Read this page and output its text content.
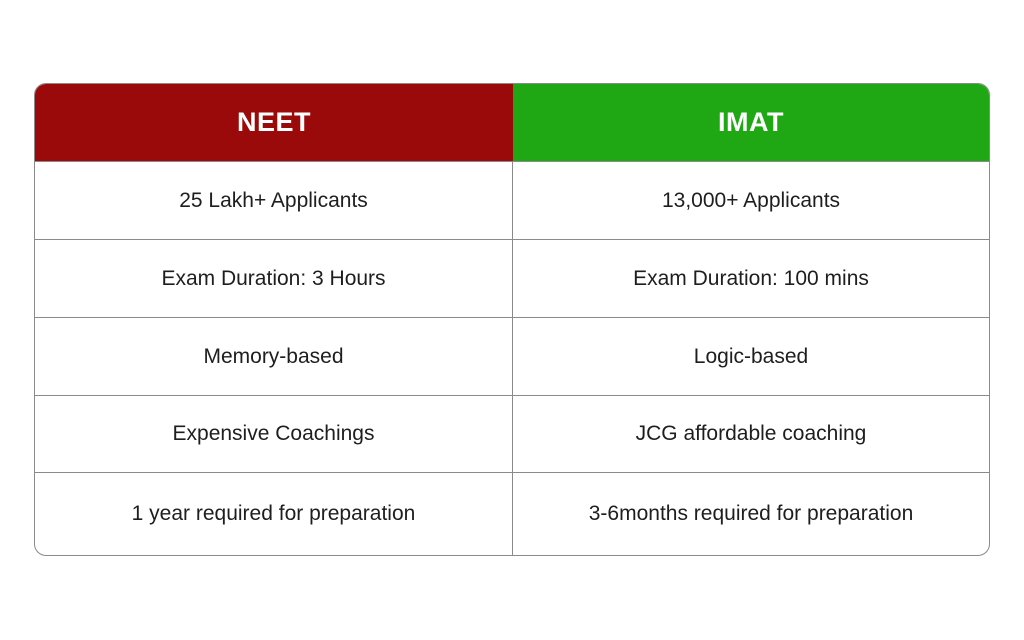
NEET	IMAT
25 Lakh+ Applicants	13,000+ Applicants
Exam Duration: 3 Hours	Exam Duration: 100 mins
Memory-based	Logic-based
Expensive Coachings	JCG affordable coaching
1 year required for preparation	3-6months required for preparation
